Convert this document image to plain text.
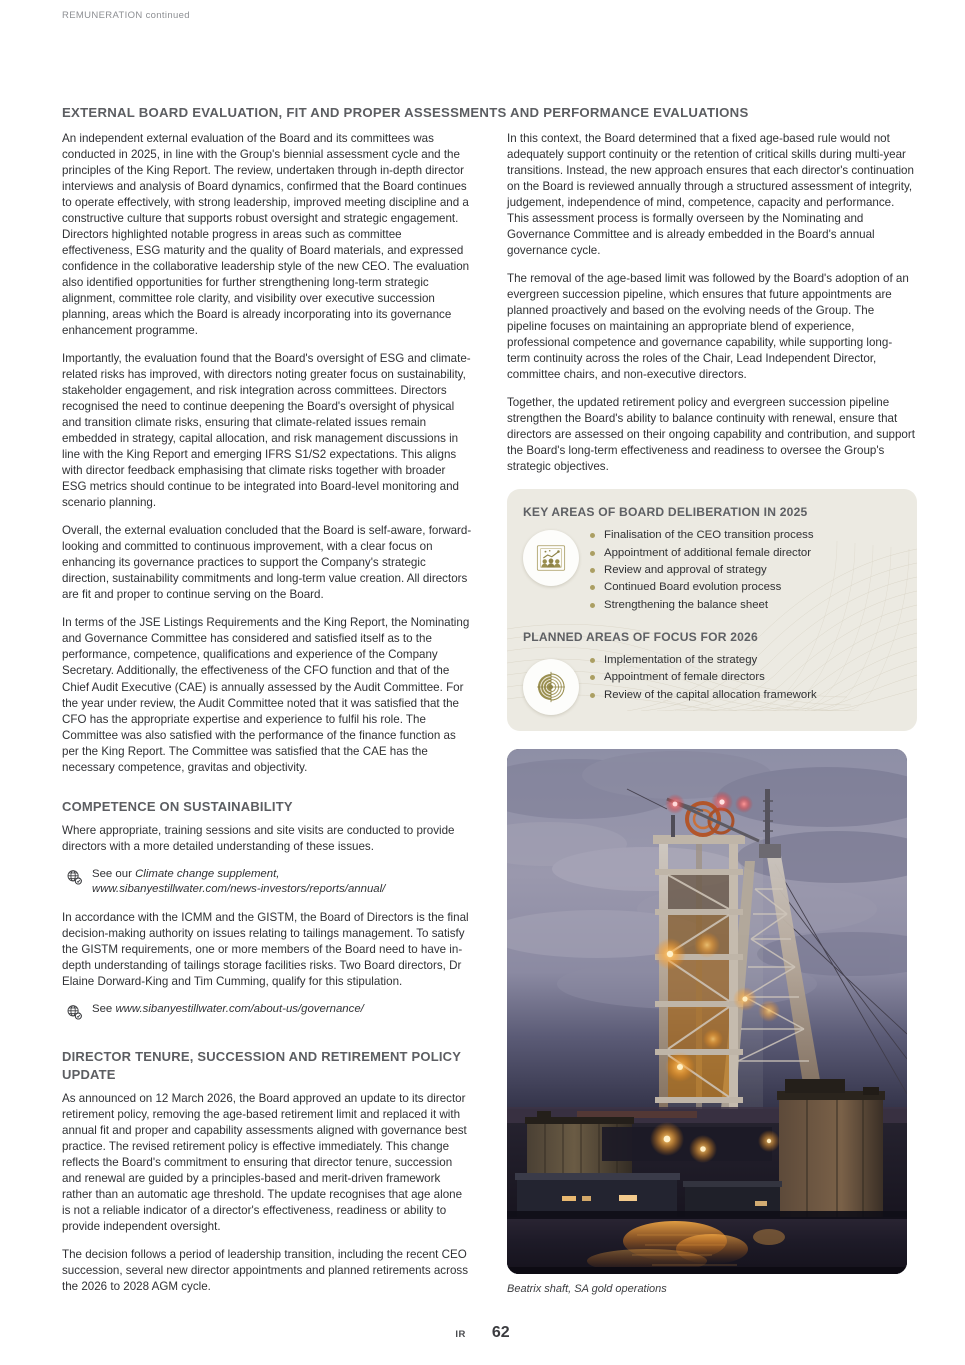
REMUNERATION continued
EXTERNAL BOARD EVALUATION, FIT AND PROPER ASSESSMENTS AND PERFORMANCE EVALUATIONS

An independent external evaluation of the Board and its committees was conducted in 2025, in line with the Group's biennial assessment cycle and the principles of the King Report. The review, undertaken through in-depth director interviews and analysis of Board dynamics, confirmed that the Board continues to operate effectively, with strong leadership, improved meeting discipline and a constructive culture that supports robust oversight and strategic engagement. Directors highlighted notable progress in areas such as committee effectiveness, ESG maturity and the quality of Board materials, and expressed confidence in the collaborative leadership style of the new CEO. The evaluation also identified opportunities for further strengthening long-term strategic alignment, committee role clarity, and visibility over executive succession planning, areas which the Board is already incorporating into its governance enhancement programme.

Importantly, the evaluation found that the Board's oversight of ESG and climate-related risks has improved, with directors noting greater focus on sustainability, stakeholder engagement, and risk integration across committees. Directors recognised the need to continue deepening the Board's oversight of physical and transition climate risks, ensuring that climate-related issues remain embedded in strategy, capital allocation, and risk management discussions in line with the King Report and emerging IFRS S1/S2 expectations. This aligns with director feedback emphasising that climate risks together with broader ESG metrics should continue to be integrated into Board-level monitoring and scenario planning.

Overall, the external evaluation concluded that the Board is self-aware, forward-looking and committed to continuous improvement, with a clear focus on enhancing its governance practices to support the Company's strategic direction, sustainability commitments and long-term value creation. All directors are fit and proper to continue serving on the Board.

In terms of the JSE Listings Requirements and the King Report, the Nominating and Governance Committee has considered and satisfied itself as to the performance, competence, qualifications and experience of the Company Secretary. Additionally, the effectiveness of the CFO function and that of the Chief Audit Executive (CAE) is annually assessed by the Audit Committee. For the year under review, the Audit Committee noted that it was satisfied that the CFO has the appropriate expertise and experience to fulfil his role. The Committee was also satisfied with the performance of the finance function as per the King Report. The Committee was satisfied that the CAE has the necessary competence, gravitas and objectivity.

COMPETENCE ON SUSTAINABILITY

Where appropriate, training sessions and site visits are conducted to provide directors with a more detailed understanding of these issues.

See our Climate change supplement,
www.sibanyestillwater.com/news-investors/reports/annual/

In accordance with the ICMM and the GISTM, the Board of Directors is the final decision-making authority on issues relating to tailings management. To satisfy the GISTM requirements, one or more members of the Board need to have in-depth understanding of tailings storage facilities risks. Two Board directors, Dr Elaine Dorward-King and Tim Cumming, qualify for this stipulation.

See www.sibanyestillwater.com/about-us/governance/
DIRECTOR TENURE, SUCCESSION AND RETIREMENT POLICY UPDATE

As announced on 12 March 2026, the Board approved an update to its director retirement policy, removing the age-based retirement limit and replaced it with annual fit and proper and capability assessments aligned with governance best practice. The revised retirement policy is effective immediately. This change reflects the Board's commitment to ensuring that director tenure, succession and renewal are guided by a principles-based and merit-driven framework rather than an automatic age threshold. The update recognises that age alone is not a reliable indicator of a director's effectiveness, readiness or ability to provide independent oversight.

The decision follows a period of leadership transition, including the recent CEO succession, several new director appointments and planned retirements across the 2026 to 2028 AGM cycle.

In this context, the Board determined that a fixed age-based rule would not adequately support continuity or the retention of critical skills during multi-year transitions. Instead, the new approach ensures that each director's continuation on the Board is reviewed annually through a structured assessment of integrity, judgement, independence of mind, competence, capacity and performance. This assessment process is formally overseen by the Nominating and Governance Committee and is already embedded in the Board's annual governance cycle.

The removal of the age-based limit was followed by the Board's adoption of an evergreen succession pipeline, which ensures that future appointments are planned proactively and based on the evolving needs of the Group. The pipeline focuses on maintaining an appropriate blend of experience, professional competence and governance capability, while supporting long- term continuity across the roles of the Chair, Lead Independent Director, committee chairs, and non-executive directors.

Together, the updated retirement policy and evergreen succession pipeline strengthen the Board's ability to balance continuity with renewal, ensure that directors are assessed on their ongoing capability and contribution, and support the Board's long-term effectiveness and readiness to oversee the Group's strategic objectives.

KEY AREAS OF BOARD DELIBERATION IN 2025
Finalisation of the CEO transition process
Appointment of additional female director
Review and approval of strategy
Continued Board evolution process
Strengthening the balance sheet
PLANNED AREAS OF FOCUS FOR 2026
Implementation of the strategy
Appointment of female directors
Review of the capital allocation framework
Beatrix shaft, SA gold operations
IR 62
